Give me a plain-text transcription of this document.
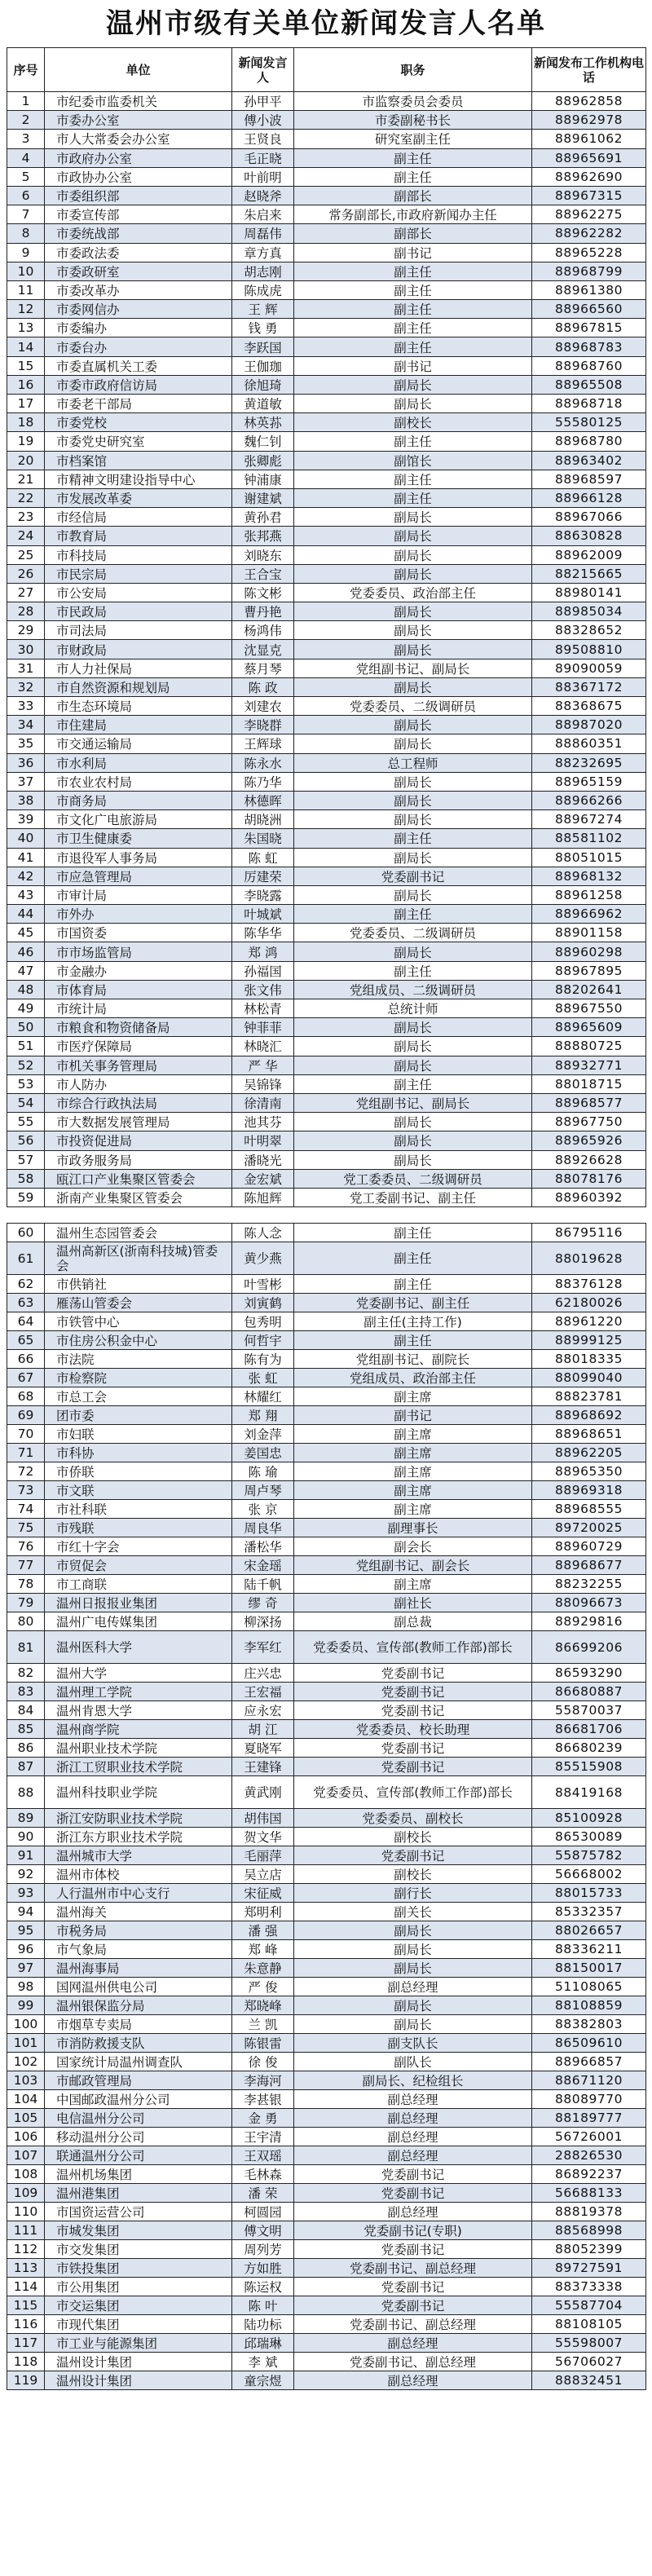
温州市级有关单位新闻发言人名单
序号	单位	新闻发言人	职务	新闻发布工作机构电话
1	市纪委市监委机关	孙甲平	市监察委员会委员	88962858
2	市委办公室	傅小波	市委副秘书长	88962978
3	市人大常委会办公室	王贤良	研究室副主任	88961062
4	市政府办公室	毛正晓	副主任	88965691
5	市政协办公室	叶前明	副主任	88962690
6	市委组织部	赵晓斧	副部长	88967315
7	市委宣传部	朱启来	常务副部长,市政府新闻办主任	88962275
8	市委统战部	周磊伟	副部长	88962282
9	市委政法委	章方真	副书记	88965228
10	市委政研室	胡志刚	副主任	88968799
11	市委改革办	陈成虎	副主任	88961380
12	市委网信办	王 辉	副主任	88966560
13	市委编办	钱 勇	副主任	88967815
14	市委台办	李跃国	副主任	88968783
15	市委直属机关工委	王伽珈	副书记	88968760
16	市委市政府信访局	徐旭琦	副局长	88965508
17	市委老干部局	黄道敏	副局长	88968718
18	市委党校	林英荪	副校长	55580125
19	市委党史研究室	魏仁钊	副主任	88968780
20	市档案馆	张卿彪	副馆长	88963402
21	市精神文明建设指导中心	钟浦康	副主任	88968597
22	市发展改革委	谢建斌	副主任	88966128
23	市经信局	黄孙君	副局长	88967066
24	市教育局	张邦燕	副局长	88630828
25	市科技局	刘晓东	副局长	88962009
26	市民宗局	王合宝	副局长	88215665
27	市公安局	陈文彬	党委委员、政治部主任	88980141
28	市民政局	曹丹艳	副局长	88985034
29	市司法局	杨鸿伟	副局长	88328652
30	市财政局	沈显克	副局长	89508810
31	市人力社保局	蔡月琴	党组副书记、副局长	89090059
32	市自然资源和规划局	陈 政	副局长	88367172
33	市生态环境局	刘建农	党委委员、二级调研员	88368675
34	市住建局	李晓群	副局长	88987020
35	市交通运输局	王辉球	副局长	88860351
36	市水利局	陈永水	总工程师	88232695
37	市农业农村局	陈乃华	副局长	88965159
38	市商务局	林德晖	副局长	88966266
39	市文化广电旅游局	胡晓洲	副局长	88967274
40	市卫生健康委	朱国晓	副主任	88581102
41	市退役军人事务局	陈 虹	副局长	88051015
42	市应急管理局	厉建荣	党委副书记	88968132
43	市审计局	李晓露	副局长	88961258
44	市外办	叶城斌	副主任	88966962
45	市国资委	陈华华	党委委员、二级调研员	88901158
46	市市场监管局	郑 鸿	副局长	88960298
47	市金融办	孙福国	副主任	88967895
48	市体育局	张文伟	党组成员、二级调研员	88202641
49	市统计局	林松青	总统计师	88967550
50	市粮食和物资储备局	钟菲菲	副局长	88965609
51	市医疗保障局	林晓汇	副局长	88880725
52	市机关事务管理局	严 华	副局长	88932771
53	市人防办	吴锦锋	副主任	88018715
54	市综合行政执法局	徐清南	党组副书记、副局长	88968577
55	市大数据发展管理局	池其芬	副局长	88967750
56	市投资促进局	叶明翠	副局长	88965926
57	市政务服务局	潘晓光	副局长	88926628
58	瓯江口产业集聚区管委会	金宏斌	党工委委员、二级调研员	88078176
59	浙南产业集聚区管委会	陈旭辉	党工委副书记、副主任	88960392
60	温州生态园管委会	陈人念	副主任	86795116
61	温州高新区(浙南科技城)管委会	黄少燕	副主任	88019628
62	市供销社	叶雪彬	副主任	88376128
63	雁荡山管委会	刘寅鹤	党委副书记、副主任	62180026
64	市铁管中心	包秀明	副主任(主持工作)	88961220
65	市住房公积金中心	何哲宇	副主任	88999125
66	市法院	陈有为	党组副书记、副院长	88018335
67	市检察院	张 虹	党组成员、政治部主任	88099040
68	市总工会	林耀红	副主席	88823781
69	团市委	郑 翔	副书记	88968692
70	市妇联	刘金萍	副主席	88968651
71	市科协	姜国忠	副主席	88962205
72	市侨联	陈 瑜	副主席	88965350
73	市文联	周卢琴	副主席	88969318
74	市社科联	张 京	副主席	88968555
75	市残联	周良华	副理事长	89720025
76	市红十字会	潘松华	副会长	88960729
77	市贸促会	宋金瑶	党组副书记、副会长	88968677
78	市工商联	陆千帆	副主席	88232255
79	温州日报报业集团	缪 奇	副社长	88096673
80	温州广电传媒集团	柳深扬	副总裁	88929816
81	温州医科大学	李军红	党委委员、宣传部(教师工作部)部长	86699206
82	温州大学	庄兴忠	党委副书记	86593290
83	温州理工学院	王宏福	党委副书记	86680887
84	温州肯恩大学	应永宏	党委副书记	55870037
85	温州商学院	胡 江	党委委员、校长助理	86681706
86	温州职业技术学院	夏晓军	党委副书记	86680239
87	浙江工贸职业技术学院	王建锋	党委副书记	85515908
88	温州科技职业学院	黄武刚	党委委员、宣传部(教师工作部)部长	88419168
89	浙江安防职业技术学院	胡伟国	党委委员、副校长	85100928
90	浙江东方职业技术学院	贺文华	副校长	86530089
91	温州城市大学	毛丽萍	党委副书记	55875782
92	温州市体校	吴立店	副校长	56668002
93	人行温州市中心支行	宋征威	副行长	88015733
94	温州海关	郑明利	副关长	85332357
95	市税务局	潘 强	副局长	88026657
96	市气象局	郑 峰	副局长	88336211
97	温州海事局	朱意静	副局长	88150017
98	国网温州供电公司	严 俊	副总经理	51108065
99	温州银保监分局	郑晓峰	副局长	88108859
100	市烟草专卖局	兰 凯	副局长	88382803
101	市消防救援支队	陈银雷	副支队长	86509610
102	国家统计局温州调查队	徐 俊	副队长	88966857
103	市邮政管理局	李海河	副局长、纪检组长	88671120
104	中国邮政温州分公司	李甚银	副总经理	88089770
105	电信温州分公司	金 勇	副总经理	88189777
106	移动温州分公司	王宇清	副总经理	56726001
107	联通温州分公司	王双瑶	副总经理	28826530
108	温州机场集团	毛林森	党委副书记	86892237
109	温州港集团	潘 荣	党委副书记	56688133
110	市国资运营公司	柯圆园	副总经理	88819378
111	市城发集团	傅文明	党委副书记(专职)	88568998
112	市交发集团	周列芳	党委副书记	88052399
113	市铁投集团	方如胜	党委副书记、副总经理	89727591
114	市公用集团	陈运权	党委副书记	88373338
115	市交运集团	陈 叶	党委副书记	55587704
116	市现代集团	陆功标	党委副书记、副总经理	88108105
117	市工业与能源集团	邱瑞琳	副总经理	55598007
118	温州设计集团	李 斌	党委副书记、副总经理	56706027
119	温州设计集团	童宗煜	副总经理	88832451
